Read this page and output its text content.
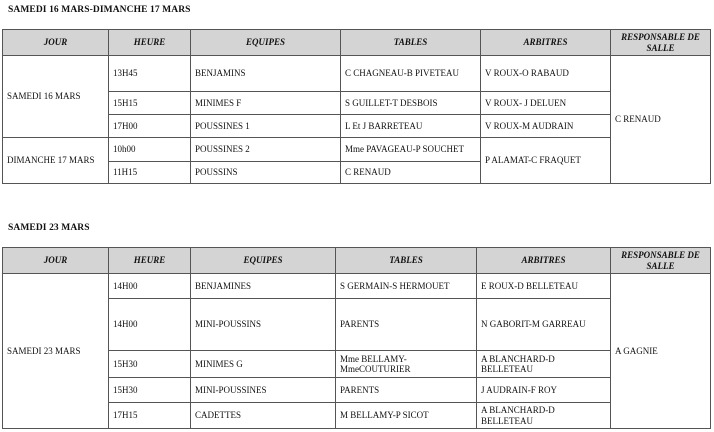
SAMEDI 16 MARS-DIMANCHE 17 MARS
JOUR	HEURE	EQUIPES	TABLES	ARBITRES	RESPONSABLE DE SALLE
SAMEDI 16 MARS	13H45	BENJAMINS	C CHAGNEAU-B PIVETEAU	V ROUX-O RABAUD	C RENAUD
	15H15	MINIMES F	S GUILLET-T DESBOIS	V ROUX- J DELUEN	
	17H00	POUSSINES 1	L Et J BARRETEAU	V ROUX-M AUDRAIN	
DIMANCHE 17 MARS	10h00	POUSSINES 2	Mme PAVAGEAU-P SOUCHET	P ALAMAT-C FRAQUET	
	11H15	POUSSINS	C RENAUD		
SAMEDI 23 MARS
JOUR	HEURE	EQUIPES	TABLES	ARBITRES	RESPONSABLE DE SALLE
SAMEDI 23 MARS	14H00	BENJAMINES	S GERMAIN-S HERMOUET	E ROUX-D BELLETEAU	A GAGNIE
	14H00	MINI-POUSSINS	PARENTS	N GABORIT-M GARREAU	
	15H30	MINIMES G	Mme BELLAMY-MmeCOUTURIER	A BLANCHARD-D BELLETEAU	
	15H30	MINI-POUSSINES	PARENTS	J AUDRAIN-F ROY	
	17H15	CADETTES	M BELLAMY-P SICOT	A BLANCHARD-D BELLETEAU	
